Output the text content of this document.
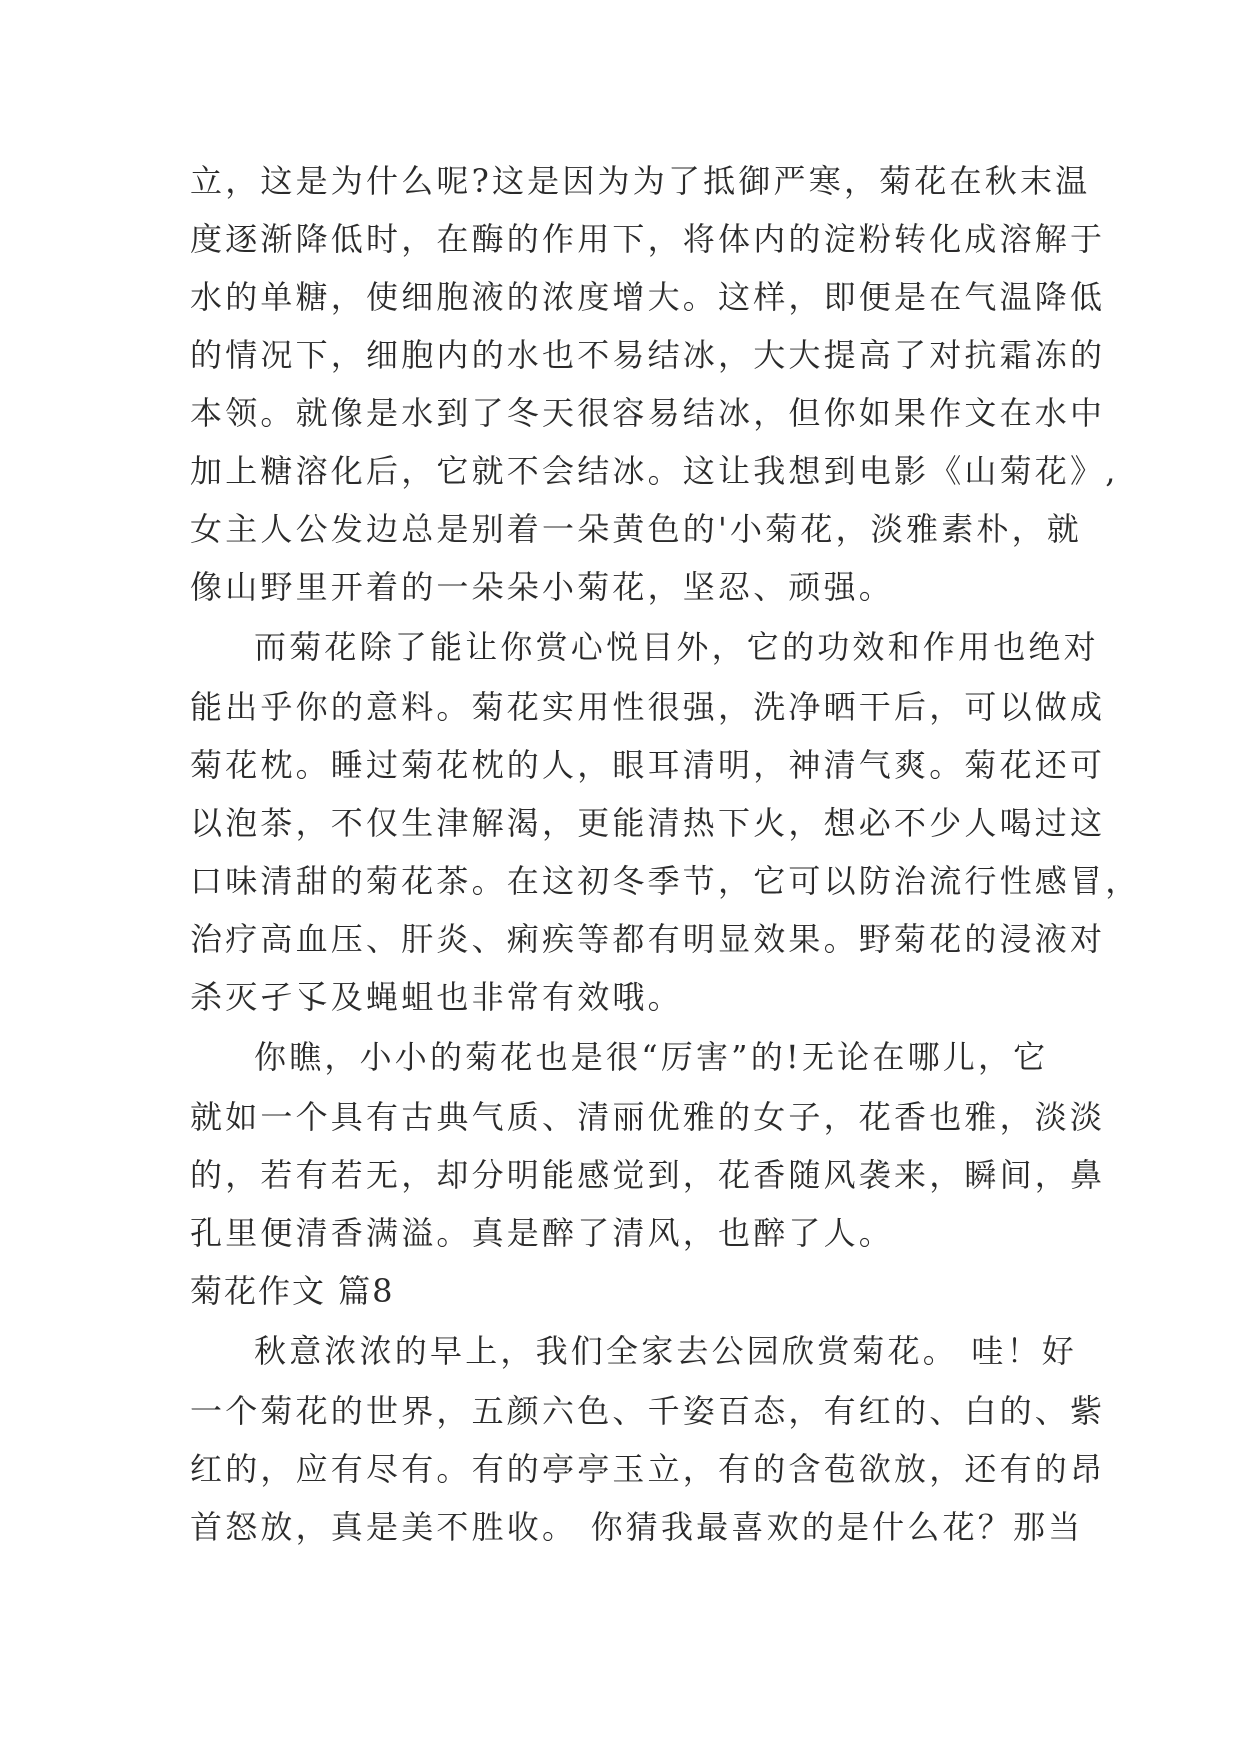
立，这是为什么呢?这是因为为了抵御严寒，菊花在秋末温
度逐渐降低时，在酶的作用下，将体内的淀粉转化成溶解于
水的单糖，使细胞液的浓度增大。这样，即便是在气温降低
的情况下，细胞内的水也不易结冰，大大提高了对抗霜冻的
本领。就像是水到了冬天很容易结冰，但你如果作文在水中
加上糖溶化后，它就不会结冰。这让我想到电影《山菊花》,
女主人公发边总是别着一朵黄色的'小菊花，淡雅素朴，就
像山野里开着的一朵朵小菊花，坚忍、顽强。
而菊花除了能让你赏心悦目外，它的功效和作用也绝对
能出乎你的意料。菊花实用性很强，洗净晒干后，可以做成
菊花枕。睡过菊花枕的人，眼耳清明，神清气爽。菊花还可
以泡茶，不仅生津解渴，更能清热下火，想必不少人喝过这
口味清甜的菊花茶。在这初冬季节，它可以防治流行性感冒，
治疗高血压、肝炎、痢疾等都有明显效果。野菊花的浸液对
杀灭孑孓及蝇蛆也非常有效哦。
你瞧，小小的菊花也是很“厉害”的!无论在哪儿，它
就如一个具有古典气质、清丽优雅的女子，花香也雅，淡淡
的，若有若无，却分明能感觉到，花香随风袭来，瞬间，鼻
孔里便清香满溢。真是醉了清风，也醉了人。
菊花作文 篇8
秋意浓浓的早上，我们全家去公园欣赏菊花。 哇！好
一个菊花的世界，五颜六色、千姿百态，有红的、白的、紫
红的，应有尽有。有的亭亭玉立，有的含苞欲放，还有的昂
首怒放，真是美不胜收。 你猜我最喜欢的是什么花？那当
